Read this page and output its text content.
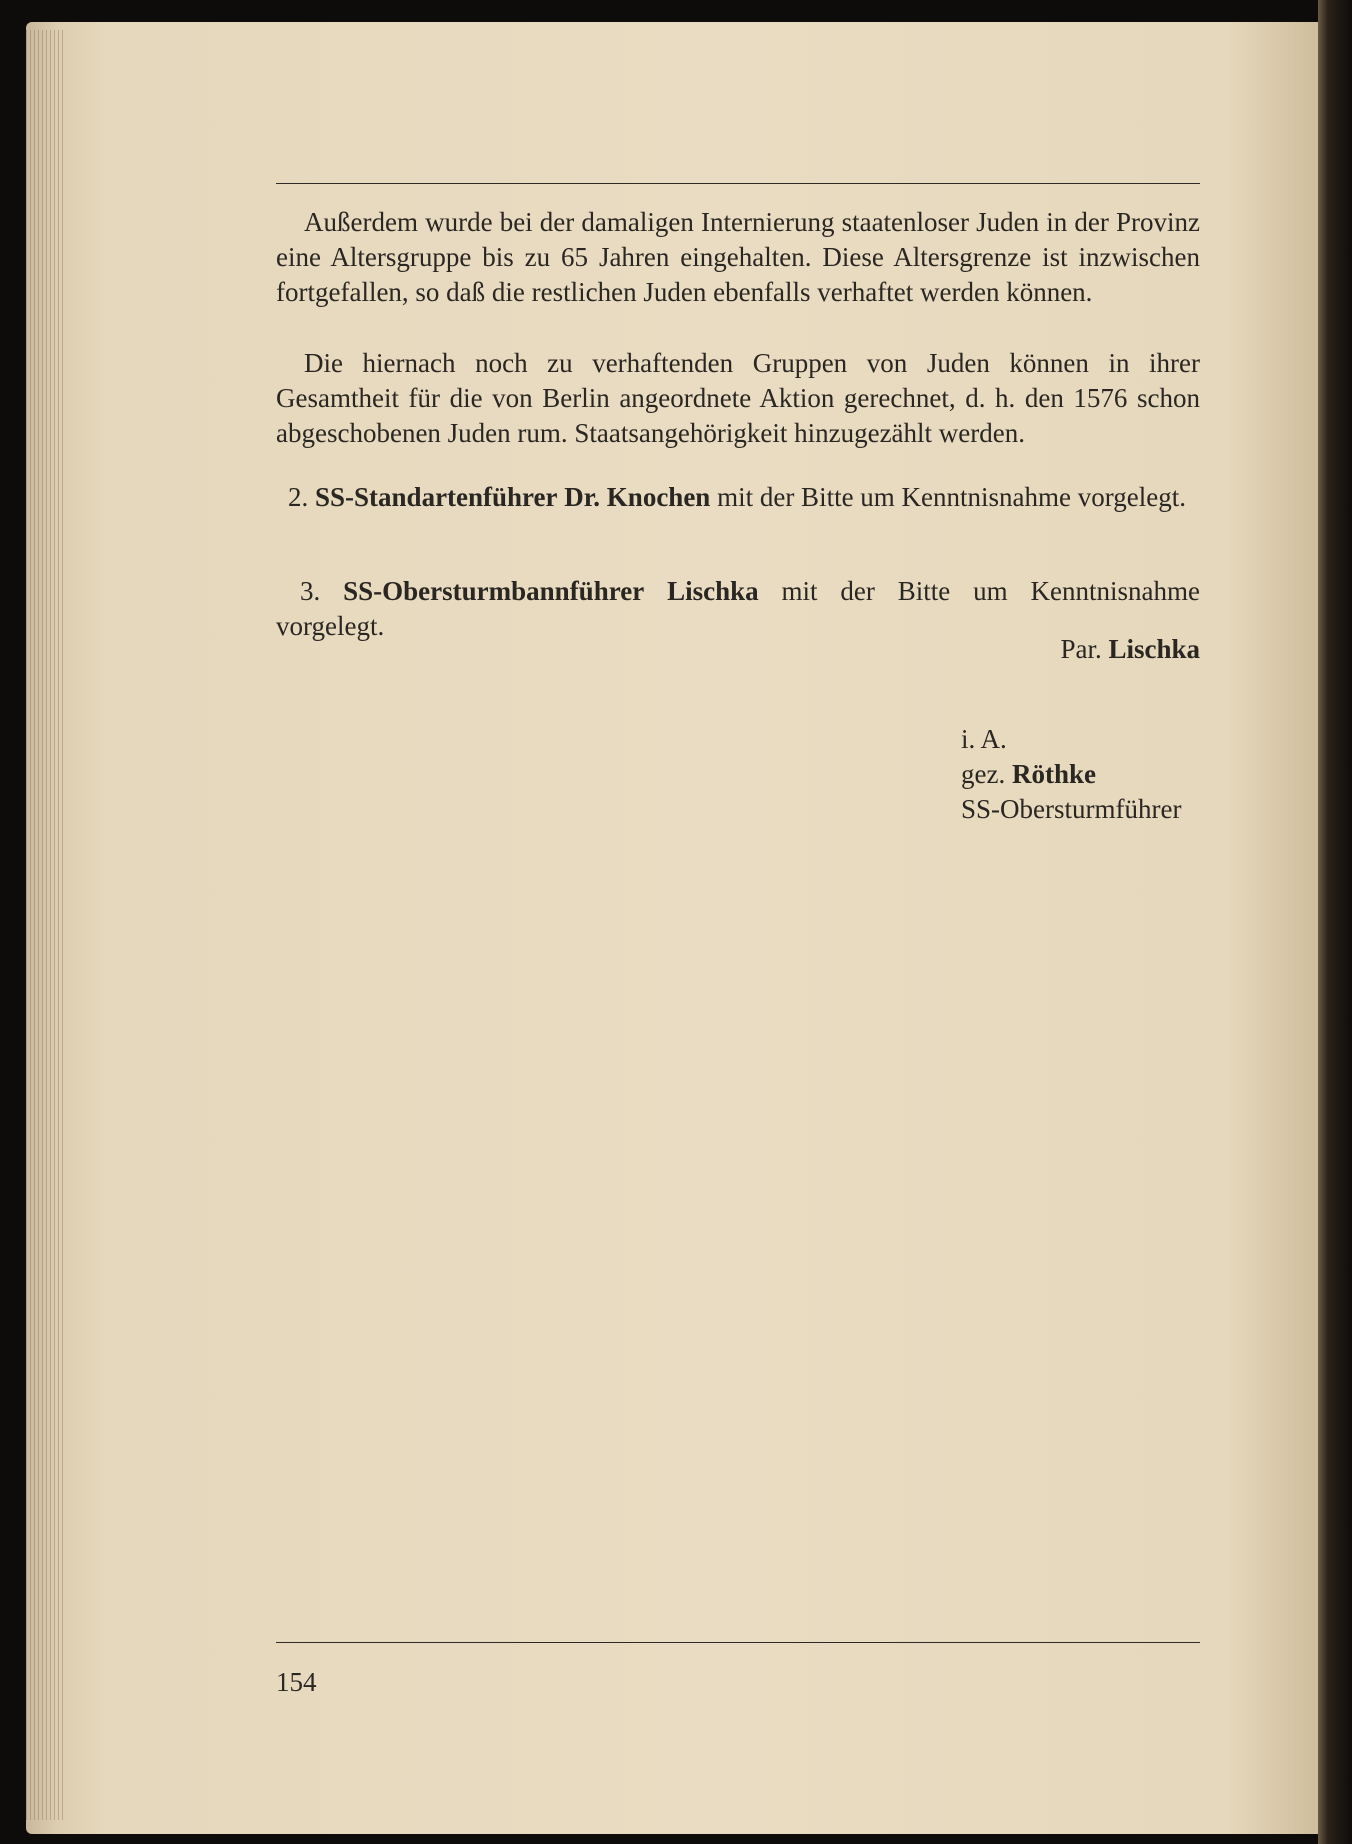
Außerdem wurde bei der damaligen Internierung staatenloser Juden in der Provinz eine Altersgruppe bis zu 65 Jahren eingehalten. Diese Altersgrenze ist inzwischen fortgefallen, so daß die restlichen Juden ebenfalls verhaftet werden können.

Die hiernach noch zu verhaftenden Gruppen von Juden können in ihrer Gesamtheit für die von Berlin angeordnete Aktion gerechnet, d. h. den 1576 schon abgeschobenen Juden rum. Staatsangehörigkeit hinzugezählt werden.

2. SS-Standartenführer Dr. Knochen mit der Bitte um Kenntnisnahme vorgelegt.

3. SS-Obersturmbannführer Lischka mit der Bitte um Kenntnisnahme vorgelegt.

Par. Lischka
i. A.
gez. Röthke
SS-Obersturmführer
154
